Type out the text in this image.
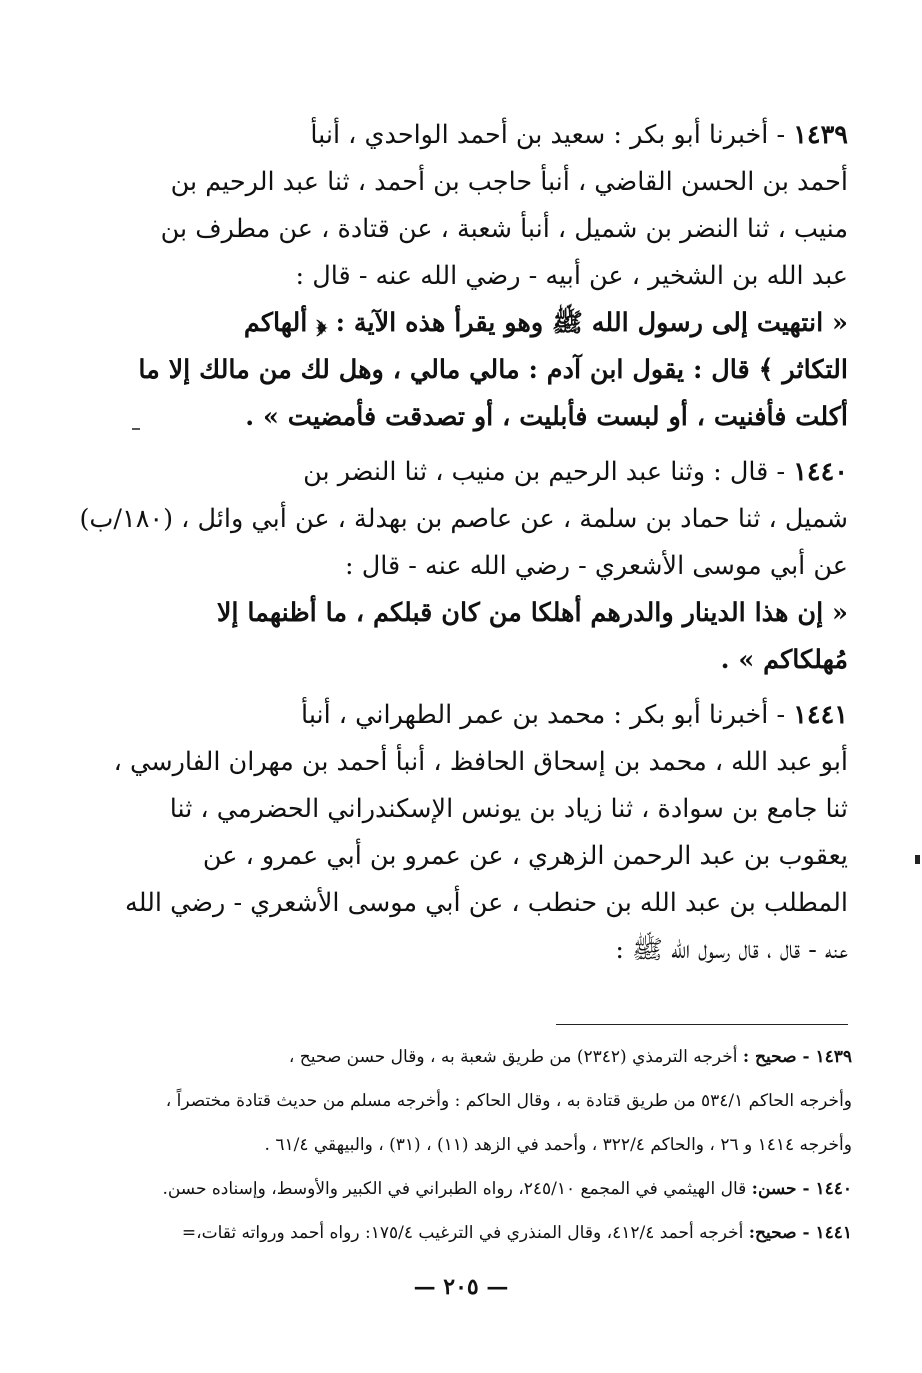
١٤٣٩ - أخبرنا أبو بكر : سعيد بن أحمد الواحدي ، أنبأ
أحمد بن الحسن القاضي ، أنبأ حاجب بن أحمد ، ثنا عبد الرحيم بن
منيب ، ثنا النضر بن شميل ، أنبأ شعبة ، عن قتادة ، عن مطرف بن
عبد الله بن الشخير ، عن أبيه - رضي الله عنه - قال :
« انتهيت إلى رسول الله ﷺ وهو يقرأ هذه الآية : ﴿ ألهاكم
التكاثر ﴾ قال : يقول ابن آدم : مالي مالي ، وهل لك من مالك إلا ما
أكلت فأفنيت ، أو لبست فأبليت ، أو تصدقت فأمضيت » .
١٤٤٠ - قال : وثنا عبد الرحيم بن منيب ، ثنا النضر بن
شميل ، ثنا حماد بن سلمة ، عن عاصم بن بهدلة ، عن أبي وائل ، (١٨٠/ب)
عن أبي موسى الأشعري - رضي الله عنه - قال :
« إن هذا الدينار والدرهم أهلكا من كان قبلكم ، ما أظنهما إلا
مُهلكاكم » .
١٤٤١ - أخبرنا أبو بكر : محمد بن عمر الطهراني ، أنبأ
أبو عبد الله ، محمد بن إسحاق الحافظ ، أنبأ أحمد بن مهران الفارسي ،
ثنا جامع بن سوادة ، ثنا زياد بن يونس الإسكندراني الحضرمي ، ثنا
يعقوب بن عبد الرحمن الزهري ، عن عمرو بن أبي عمرو ، عن
المطلب بن عبد الله بن حنطب ، عن أبي موسى الأشعري - رضي الله
عنه - قال ، قال رسول الله ﷺ :
١٤٣٩ - صحيح : أخرجه الترمذي (٢٣٤٢) من طريق شعبة به ، وقال حسن صحيح ،
وأخرجه الحاكم ٥٣٤/١ من طريق قتادة به ، وقال الحاكم : وأخرجه مسلم من حديث قتادة مختصراً ،
وأخرجه ١٤١٤ و ٢٦ ، والحاكم ٣٢٢/٤ ، وأحمد في الزهد (١١) ، (٣١) ، والبيهقي ٦١/٤ .
١٤٤٠ - حسن: قال الهيثمي في المجمع ٢٤٥/١٠، رواه الطبراني في الكبير والأوسط، وإسناده حسن.
١٤٤١ - صحيح: أخرجه أحمد ٤١٢/٤، وقال المنذري في الترغيب ١٧٥/٤: رواه أحمد ورواته ثقات،=
— ٢٠٥ —
